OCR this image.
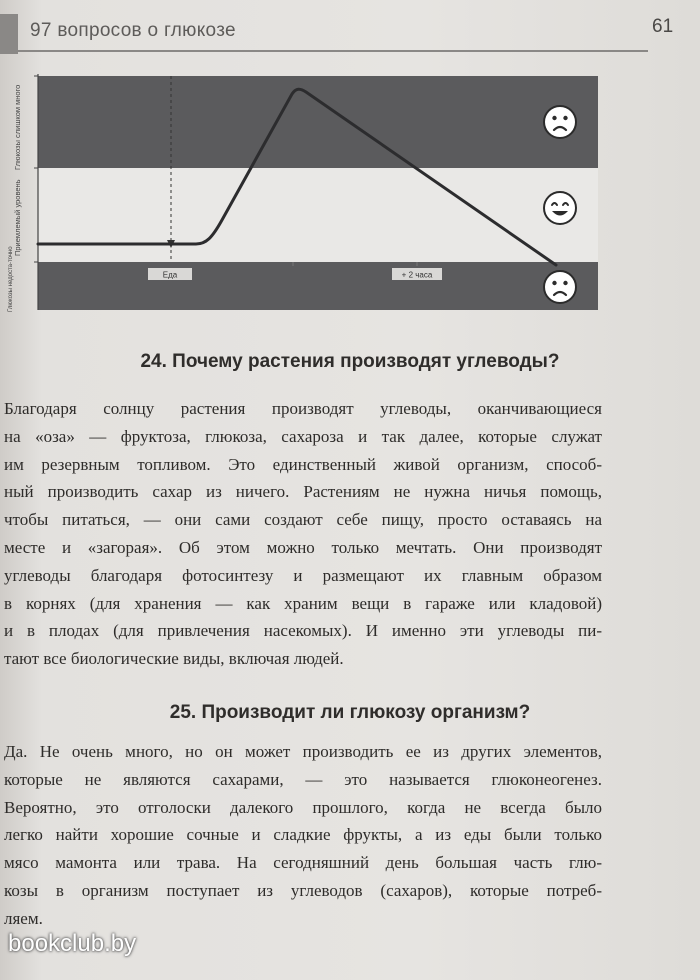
97 вопросов о глюкозе	61
Еда	+ 2 часа
Глюкозы слишком много
Приемлемый уровень
Глюкозы недоста-точно
24. Почему растения производят углеводы?
Благодаря солнцу растения производят углеводы, оканчивающиеся
на «оза» — фруктоза, глюкоза, сахароза и так далее, которые служат
им резервным топливом. Это единственный живой организм, способ-
ный производить сахар из ничего. Растениям не нужна ничья помощь,
чтобы питаться, — они сами создают себе пищу, просто оставаясь на
месте и «загорая». Об этом можно только мечтать. Они производят
углеводы благодаря фотосинтезу и размещают их главным образом
в корнях (для хранения — как храним вещи в гараже или кладовой)
и в плодах (для привлечения насекомых). И именно эти углеводы пи-
тают все биологические виды, включая людей.
25. Производит ли глюкозу организм?
Да. Не очень много, но он может производить ее из других элементов,
которые не являются сахарами, — это называется глюконеогенез.
Вероятно, это отголоски далекого прошлого, когда не всегда было
легко найти хорошие сочные и сладкие фрукты, а из еды были только
мясо мамонта или трава. На сегодняшний день большая часть глю-
козы в организм поступает из углеводов (сахаров), которые потреб-
ляем.
bookclub.by
